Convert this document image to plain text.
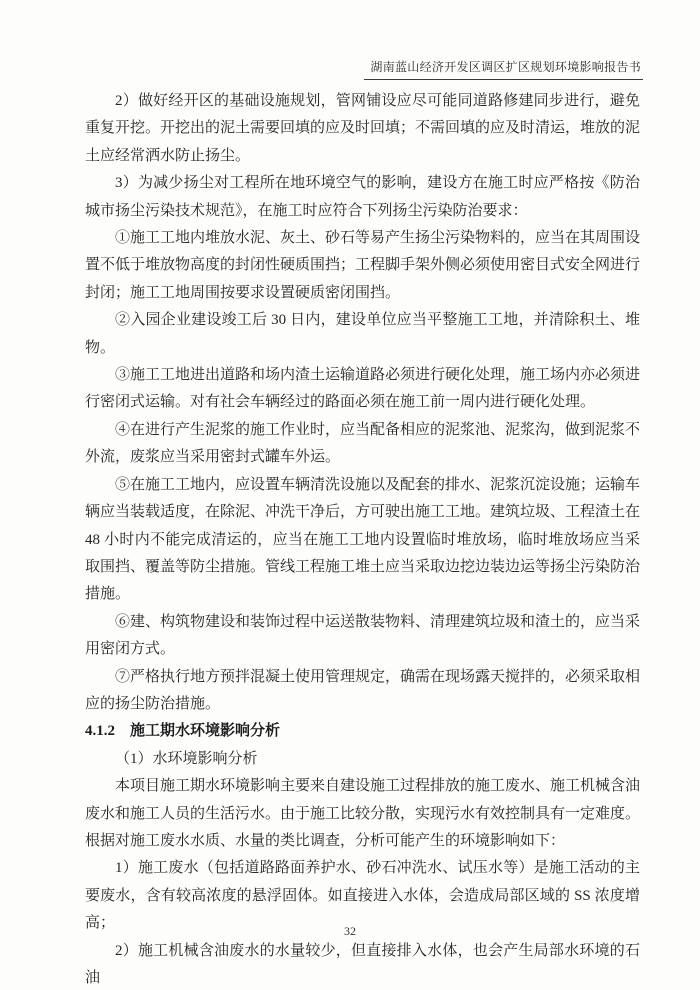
湖南蓝山经济开发区调区扩区规划环境影响报告书

2）做好经开区的基础设施规划，管网铺设应尽可能同道路修建同步进行，避免重复开挖。开挖出的泥土需要回填的应及时回填；不需回填的应及时清运，堆放的泥土应经常洒水防止扬尘。

3）为减少扬尘对工程所在地环境空气的影响，建设方在施工时应严格按《防治城市扬尘污染技术规范》，在施工时应符合下列扬尘污染防治要求：

①施工工地内堆放水泥、灰土、砂石等易产生扬尘污染物料的，应当在其周围设置不低于堆放物高度的封闭性硬质围挡；工程脚手架外侧必须使用密目式安全网进行封闭；施工工地周围按要求设置硬质密闭围挡。

②入园企业建设竣工后 30 日内，建设单位应当平整施工工地，并清除积土、堆物。

③施工工地进出道路和场内渣土运输道路必须进行硬化处理，施工场内亦必须进行密闭式运输。对有社会车辆经过的路面必须在施工前一周内进行硬化处理。

④在进行产生泥浆的施工作业时，应当配备相应的泥浆池、泥浆沟，做到泥浆不外流，废浆应当采用密封式罐车外运。

⑤在施工工地内，应设置车辆清洗设施以及配套的排水、泥浆沉淀设施；运输车辆应当装载适度，在除泥、冲洗干净后，方可驶出施工工地。建筑垃圾、工程渣土在 48 小时内不能完成清运的，应当在施工工地内设置临时堆放场，临时堆放场应当采取围挡、覆盖等防尘措施。管线工程施工堆土应当采取边挖边装边运等扬尘污染防治措施。

⑥建、构筑物建设和装饰过程中运送散装物料、清理建筑垃圾和渣土的，应当采用密闭方式。

⑦严格执行地方预拌混凝土使用管理规定，确需在现场露天搅拌的，必须采取相应的扬尘防治措施。

4.1.2　施工期水环境影响分析

（1）水环境影响分析

本项目施工期水环境影响主要来自建设施工过程排放的施工废水、施工机械含油废水和施工人员的生活污水。由于施工比较分散，实现污水有效控制具有一定难度。根据对施工废水水质、水量的类比调查，分析可能产生的环境影响如下：

1）施工废水（包括道路路面养护水、砂石冲洗水、试压水等）是施工活动的主要废水，含有较高浓度的悬浮固体。如直接进入水体，会造成局部区域的 SS 浓度增高；

2）施工机械含油废水的水量较少，但直接排入水体，也会产生局部水环境的石油

32
